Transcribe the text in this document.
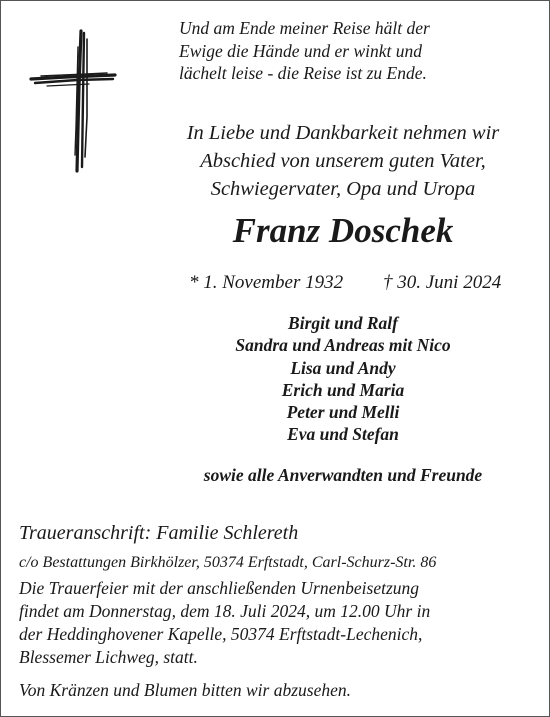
Und am Ende meiner Reise hält der
Ewige die Hände und er winkt und
lächelt leise - die Reise ist zu Ende.
In Liebe und Dankbarkeit nehmen wir
Abschied von unserem guten Vater,
Schwiegervater, Opa und Uropa
Franz Doschek
* 1. November 1932 † 30. Juni 2024
Birgit und Ralf
Sandra und Andreas mit Nico
Lisa und Andy
Erich und Maria
Peter und Melli
Eva und Stefan
sowie alle Anverwandten und Freunde
Traueranschrift: Familie Schlereth
c/o Bestattungen Birkhölzer, 50374 Erftstadt, Carl-Schurz-Str. 86
Die Trauerfeier mit der anschließenden Urnenbeisetzung
findet am Donnerstag, dem 18. Juli 2024, um 12.00 Uhr in
der Heddinghovener Kapelle, 50374 Erftstadt-Lechenich,
Blessemer Lichweg, statt.
Von Kränzen und Blumen bitten wir abzusehen.
